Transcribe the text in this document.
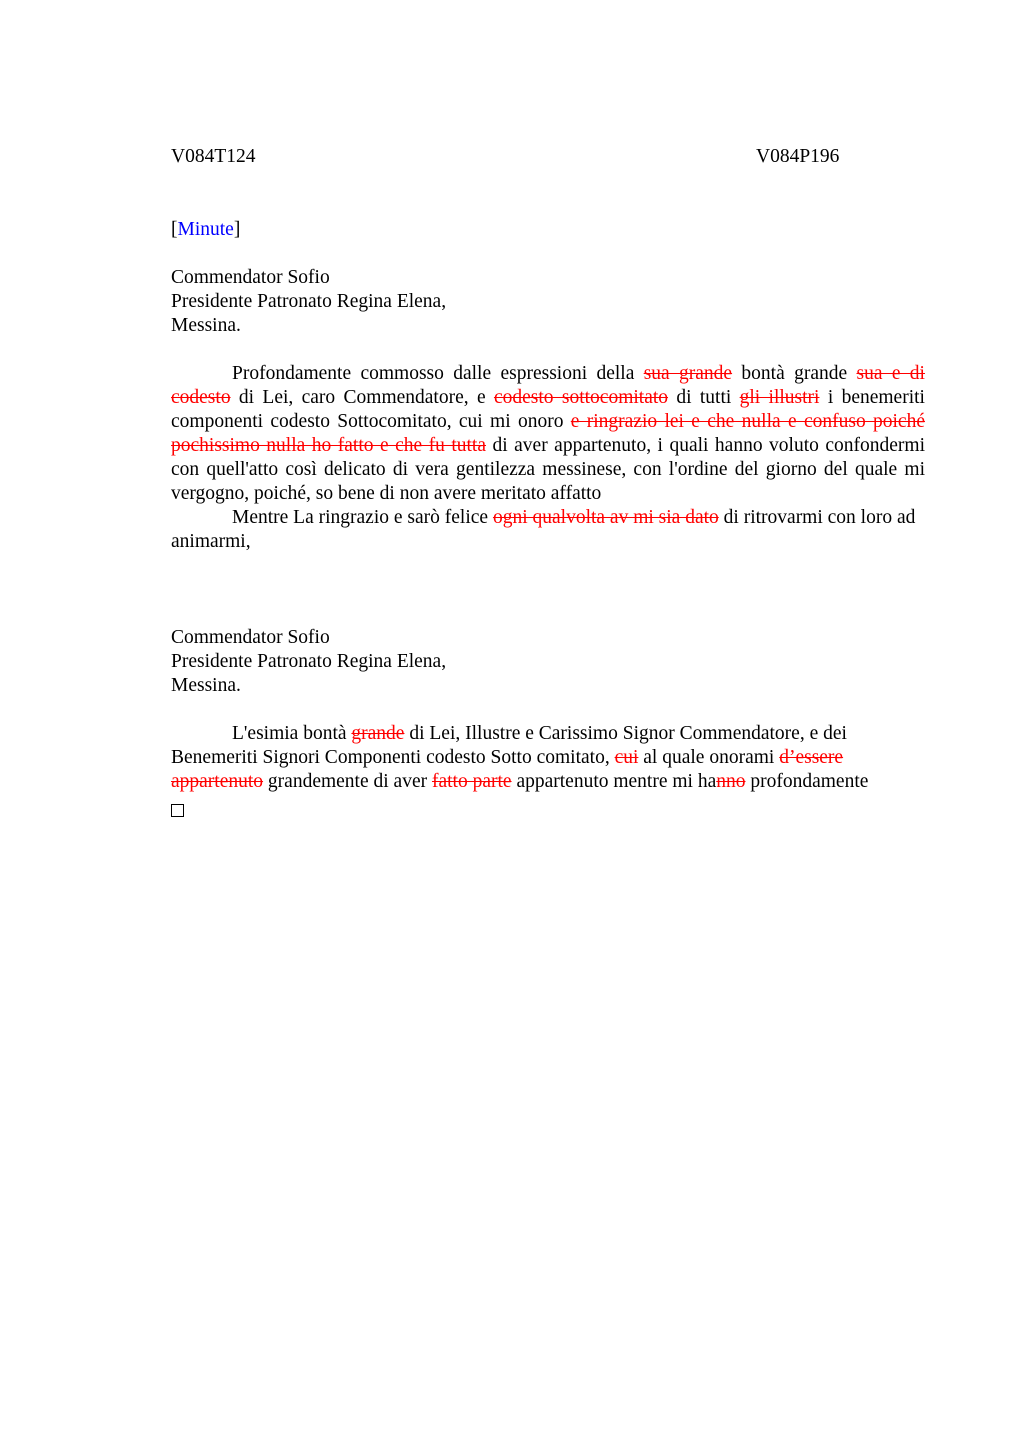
V084T124	V084P196
[Minute]
Commendator Sofio
Presidente Patronato Regina Elena,
Messina.
Profondamente commosso dalle espressioni della sua grande bontà grande sua e di codesto di Lei, caro Commendatore, e codesto sottocomitato di tutti gli illustri i benemeriti componenti codesto Sottocomitato, cui mi onoro e ringrazio lei e che nulla e confuso poiché pochissimo nulla ho fatto e che fu tutta di aver appartenuto, i quali hanno voluto confondermi con quell'atto così delicato di vera gentilezza messinese, con l'ordine del giorno del quale mi vergogno, poiché, so bene di non avere meritato affatto
Mentre La ringrazio e sarò felice ogni qualvolta av mi sia dato di ritrovarmi con loro ad animarmi,
Commendator Sofio
Presidente Patronato Regina Elena,
Messina.
L'esimia bontà grande di Lei, Illustre e Carissimo Signor Commendatore, e dei Benemeriti Signori Componenti codesto Sotto comitato, cui al quale onorami d’essere appartenuto grandemente di aver fatto parte appartenuto mentre mi hanno profondamente
